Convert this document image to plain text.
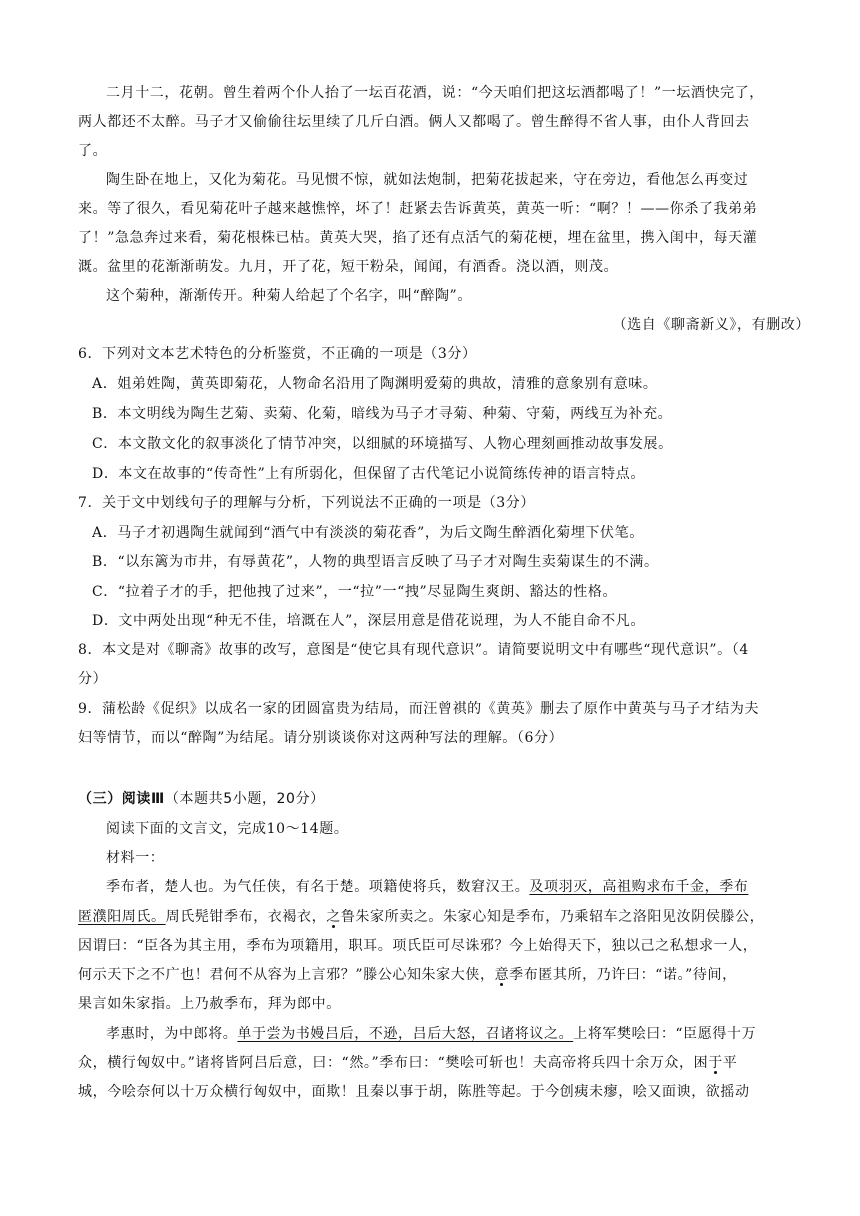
二月十二，花朝。曾生着两个仆人抬了一坛百花酒，说：“今天咱们把这坛酒都喝了！”一坛酒快完了，
两人都还不太醉。马子才又偷偷往坛里续了几斤白酒。俩人又都喝了。曾生醉得不省人事，由仆人背回去
了。
陶生卧在地上，又化为菊花。马见惯不惊，就如法炮制，把菊花拔起来，守在旁边，看他怎么再变过
来。等了很久，看见菊花叶子越来越憔悴，坏了！赶紧去告诉黄英，黄英一听：“啊？！——你杀了我弟弟
了！”急急奔过来看，菊花根株已枯。黄英大哭，掐了还有点活气的菊花梗，埋在盆里，携入闺中，每天灌
溉。盆里的花渐渐萌发。九月，开了花，短干粉朵，闻闻，有酒香。浇以酒，则茂。
这个菊种，渐渐传开。种菊人给起了个名字，叫“醉陶”。
（选自《聊斋新义》，有删改）
6．下列对文本艺术特色的分析鉴赏，不正确的一项是（3分）
A．姐弟姓陶，黄英即菊花，人物命名沿用了陶渊明爱菊的典故，清雅的意象别有意味。
B．本文明线为陶生艺菊、卖菊、化菊，暗线为马子才寻菊、种菊、守菊，两线互为补充。
C．本文散文化的叙事淡化了情节冲突，以细腻的环境描写、人物心理刻画推动故事发展。
D．本文在故事的“传奇性”上有所弱化，但保留了古代笔记小说简练传神的语言特点。
7．关于文中划线句子的理解与分析，下列说法不正确的一项是（3分）
A．马子才初遇陶生就闻到“酒气中有淡淡的菊花香”，为后文陶生醉酒化菊埋下伏笔。
B．“以东篱为市井，有辱黄花”，人物的典型语言反映了马子才对陶生卖菊谋生的不满。
C．“拉着子才的手，把他拽了过来”，一“拉”一“拽”尽显陶生爽朗、豁达的性格。
D．文中两处出现“种无不佳，培溉在人”，深层用意是借花说理，为人不能自命不凡。
8．本文是对《聊斋》故事的改写，意图是“使它具有现代意识”。请简要说明文中有哪些“现代意识”。（4
分）
9．蒲松龄《促织》以成名一家的团圆富贵为结局，而汪曾祺的《黄英》删去了原作中黄英与马子才结为夫
妇等情节，而以“醉陶”为结尾。请分别谈谈你对这两种写法的理解。（6分）
（三）阅读Ⅲ（本题共5小题，20分）
阅读下面的文言文，完成10～14题。
材料一：
季布者，楚人也。为气任侠，有名于楚。项籍使将兵，数窘汉王。及项羽灭，高祖购求布千金，季布
匿濮阳周氏。周氏髡钳季布，衣褐衣，之鲁朱家所卖之。朱家心知是季布，乃乘轺车之洛阳见汝阴侯滕公，
因谓曰：“臣各为其主用，季布为项籍用，职耳。项氏臣可尽诛邪？今上始得天下，独以己之私想求一人，
何示天下之不广也！君何不从容为上言邪？”滕公心知朱家大侠，意季布匿其所，乃许曰：“诺。”待间，
果言如朱家指。上乃赦季布，拜为郎中。
孝惠时，为中郎将。单于尝为书嫚吕后，不逊，吕后大怒，召诸将议之。上将军樊哙曰：“臣愿得十万
众，横行匈奴中。”诸将皆阿吕后意，曰：“然。”季布曰：“樊哙可斩也！夫高帝将兵四十余万众，困于平
城，今哙奈何以十万众横行匈奴中，面欺！且秦以事于胡，陈胜等起。于今创痍未瘳，哙又面谀，欲摇动
